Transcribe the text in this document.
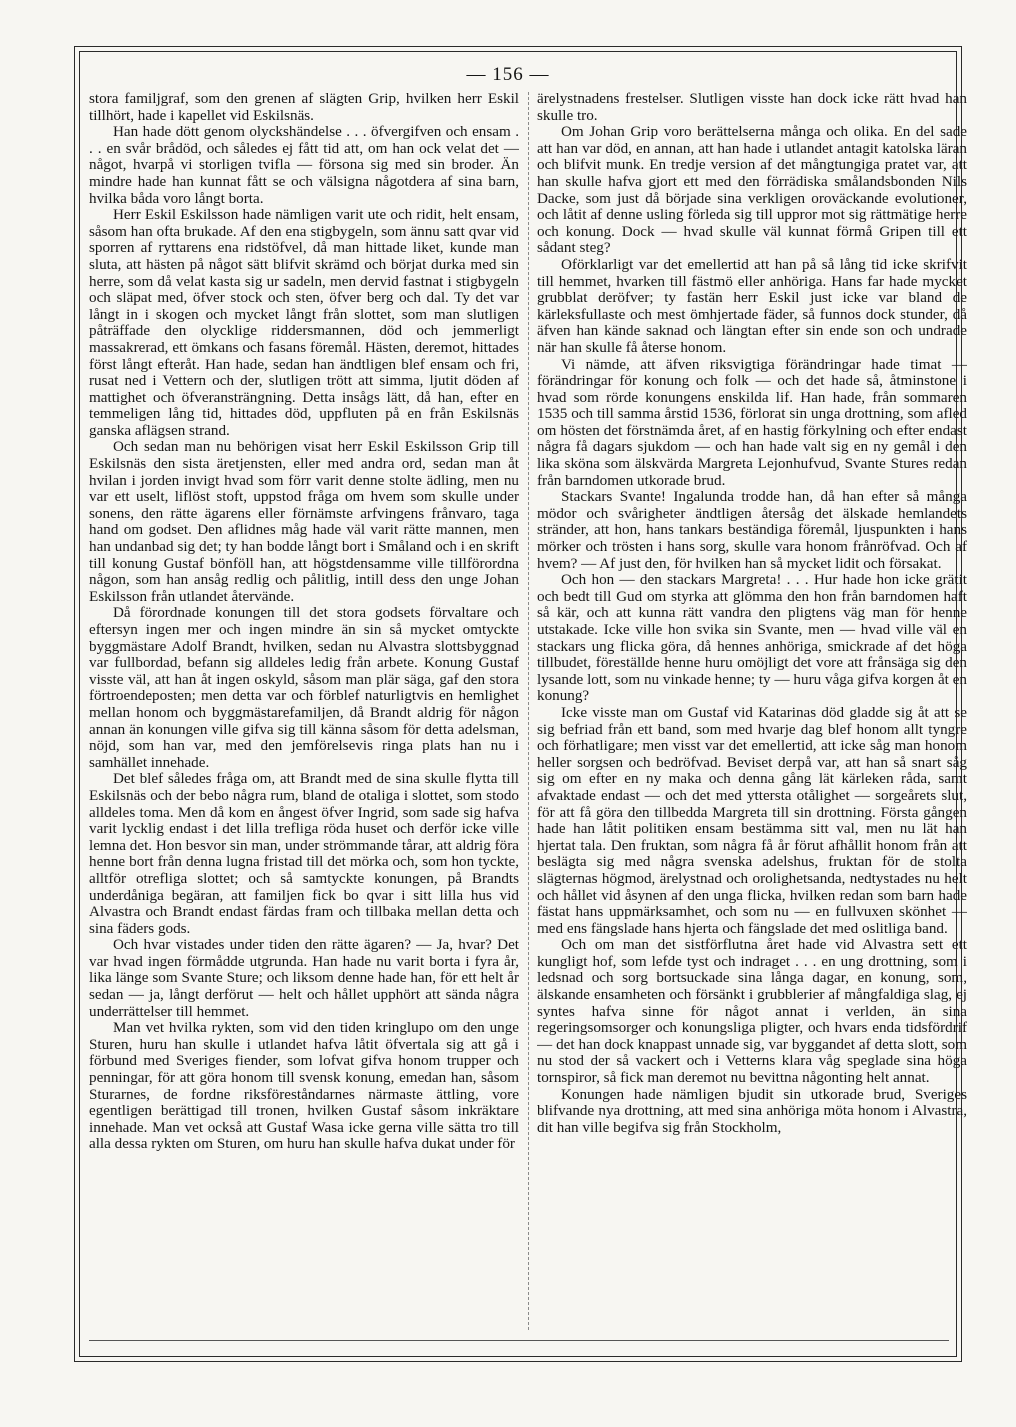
— 156 —

stora familjgraf, som den grenen af slägten Grip, hvilken herr Eskil tillhört, hade i kapellet vid Eskilsnäs.

Han hade dött genom olyckshändelse . . . öfvergifven och ensam . . . en svår brådöd, och således ej fått tid att, om han ock velat det — något, hvarpå vi storligen tvifla — försona sig med sin broder. Än mindre hade han kunnat fått se och välsigna någotdera af sina barn, hvilka båda voro långt borta.

Herr Eskil Eskilsson hade nämligen varit ute och ridit, helt ensam, såsom han ofta brukade. Af den ena stigbygeln, som ännu satt qvar vid sporren af ryttarens ena ridstöfvel, då man hittade liket, kunde man sluta, att hästen på något sätt blifvit skrämd och börjat durka med sin herre, som då velat kasta sig ur sadeln, men dervid fastnat i stigbygeln och släpat med, öfver stock och sten, öfver berg och dal. Ty det var långt in i skogen och mycket långt från slottet, som man slutligen påträffade den olycklige riddersmannen, död och jemmerligt massakrerad, ett ömkans och fasans föremål. Hästen, deremot, hittades först långt efteråt. Han hade, sedan han ändtligen blef ensam och fri, rusat ned i Vettern och der, slutligen trött att simma, ljutit döden af mattighet och öfveransträngning. Detta insågs lätt, då han, efter en temmeligen lång tid, hittades död, uppfluten på en från Eskilsnäs ganska aflägsen strand.

Och sedan man nu behörigen visat herr Eskil Eskilsson Grip till Eskilsnäs den sista äretjensten, eller med andra ord, sedan man åt hvilan i jorden invigt hvad som förr varit denne stolte ädling, men nu var ett uselt, liflöst stoft, uppstod fråga om hvem som skulle under sonens, den rätte ägarens eller förnämste arfvingens frånvaro, taga hand om godset. Den aflidnes måg hade väl varit rätte mannen, men han undanbad sig det; ty han bodde långt bort i Småland och i en skrift till konung Gustaf bönföll han, att högstdensamme ville tillförordna någon, som han ansåg redlig och pålitlig, intill dess den unge Johan Eskilsson från utlandet återvände.

Då förordnade konungen till det stora godsets förvaltare och eftersyn ingen mer och ingen mindre än sin så mycket omtyckte byggmästare Adolf Brandt, hvilken, sedan nu Alvastra slottsbyggnad var fullbordad, befann sig alldeles ledig från arbete. Konung Gustaf visste väl, att han åt ingen oskyld, såsom man plär säga, gaf den stora förtroendeposten; men detta var och förblef naturligtvis en hemlighet mellan honom och byggmästarefamiljen, då Brandt aldrig för någon annan än konungen ville gifva sig till känna såsom för detta adelsman, nöjd, som han var, med den jemförelsevis ringa plats han nu i samhället innehade.

Det blef således fråga om, att Brandt med de sina skulle flytta till Eskilsnäs och der bebo några rum, bland de otaliga i slottet, som stodo alldeles toma. Men då kom en ångest öfver Ingrid, som sade sig hafva varit lycklig endast i det lilla trefliga röda huset och derför icke ville lemna det. Hon besvor sin man, under strömmande tårar, att aldrig föra henne bort från denna lugna fristad till det mörka och, som hon tyckte, alltför otrefliga slottet; och så samtyckte konungen, på Brandts underdåniga begäran, att familjen fick bo qvar i sitt lilla hus vid Alvastra och Brandt endast färdas fram och tillbaka mellan detta och sina fäders gods.

Och hvar vistades under tiden den rätte ägaren? — Ja, hvar? Det var hvad ingen förmådde utgrunda. Han hade nu varit borta i fyra år, lika länge som Svante Sture; och liksom denne hade han, för ett helt år sedan — ja, långt derförut — helt och hållet upphört att sända några underrättelser till hemmet.

Man vet hvilka rykten, som vid den tiden kringlupo om den unge Sturen, huru han skulle i utlandet hafva låtit öfvertala sig att gå i förbund med Sveriges fiender, som lofvat gifva honom trupper och penningar, för att göra honom till svensk konung, emedan han, såsom Sturarnes, de fordne riksföreståndarnes närmaste ättling, vore egentligen berättigad till tronen, hvilken Gustaf såsom inkräktare innehade. Man vet också att Gustaf Wasa icke gerna ville sätta tro till alla dessa rykten om Sturen, om huru han skulle hafva dukat under för

ärelystnadens frestelser. Slutligen visste han dock icke rätt hvad han skulle tro.

Om Johan Grip voro berättelserna många och olika. En del sade att han var död, en annan, att han hade i utlandet antagit katolska läran och blifvit munk. En tredje version af det mångtungiga pratet var, att han skulle hafva gjort ett med den förrädiska smålandsbonden Nils Dacke, som just då började sina verkligen oroväckande evolutioner, och låtit af denne usling förleda sig till uppror mot sig rättmätige herre och konung. Dock — hvad skulle väl kunnat förmå Gripen till ett sådant steg?

Oförklarligt var det emellertid att han på så lång tid icke skrifvit till hemmet, hvarken till fästmö eller anhöriga. Hans far hade mycket grubblat deröfver; ty fastän herr Eskil just icke var bland de kärleksfullaste och mest ömhjertade fäder, så funnos dock stunder, då äfven han kände saknad och längtan efter sin ende son och undrade när han skulle få återse honom.

Vi nämde, att äfven riksvigtiga förändringar hade timat — förändringar för konung och folk — och det hade så, åtminstone i hvad som rörde konungens enskilda lif. Han hade, från sommaren 1535 och till samma årstid 1536, förlorat sin unga drottning, som afled om hösten det förstnämda året, af en hastig förkylning och efter endast några få dagars sjukdom — och han hade valt sig en ny gemål i den lika sköna som älskvärda Margreta Lejonhufvud, Svante Stures redan från barndomen utkorade brud.

Stackars Svante! Ingalunda trodde han, då han efter så många mödor och svårigheter ändtligen återsåg det älskade hemlandets stränder, att hon, hans tankars beständiga föremål, ljuspunkten i hans mörker och trösten i hans sorg, skulle vara honom frånröfvad. Och af hvem? — Af just den, för hvilken han så mycket lidit och försakat.

Och hon — den stackars Margreta! . . . Hur hade hon icke grätit och bedt till Gud om styrka att glömma den hon från barndomen haft så kär, och att kunna rätt vandra den pligtens väg man för henne utstakade. Icke ville hon svika sin Svante, men — hvad ville väl en stackars ung flicka göra, då hennes anhöriga, smickrade af det höga tillbudet, föreställde henne huru omöjligt det vore att frånsäga sig den lysande lott, som nu vinkade henne; ty — huru våga gifva korgen åt en konung?

Icke visste man om Gustaf vid Katarinas död gladde sig åt att se sig befriad från ett band, som med hvarje dag blef honom allt tyngre och förhatligare; men visst var det emellertid, att icke såg man honom heller sorgsen och bedröfvad. Beviset derpå var, att han så snart såg sig om efter en ny maka och denna gång lät kärleken råda, samt afvaktade endast — och det med yttersta otålighet — sorgeårets slut, för att få göra den tillbedda Margreta till sin drottning. Första gången hade han låtit politiken ensam bestämma sitt val, men nu lät han hjertat tala. Den fruktan, som några få år förut afhållit honom från att beslägta sig med några svenska adelshus, fruktan för de stolta slägternas högmod, ärelystnad och orolighetsanda, nedtystades nu helt och hållet vid åsynen af den unga flicka, hvilken redan som barn hade fästat hans uppmärksamhet, och som nu — en fullvuxen skönhet — med ens fängslade hans hjerta och fängslade det med oslitliga band.

Och om man det sistförflutna året hade vid Alvastra sett ett kungligt hof, som lefde tyst och indraget . . . en ung drottning, som i ledsnad och sorg bortsuckade sina långa dagar, en konung, som, älskande ensamheten och försänkt i grubblerier af mångfaldiga slag, ej syntes hafva sinne för något annat i verlden, än sina regeringsomsorger och konungsliga pligter, och hvars enda tidsfördrif — det han dock knappast unnade sig, var byggandet af detta slott, som nu stod der så vackert och i Vetterns klara våg speglade sina höga tornspiror, så fick man deremot nu bevittna någonting helt annat.

Konungen hade nämligen bjudit sin utkorade brud, Sveriges blifvande nya drottning, att med sina anhöriga möta honom i Alvastra, dit han ville begifva sig från Stockholm,
